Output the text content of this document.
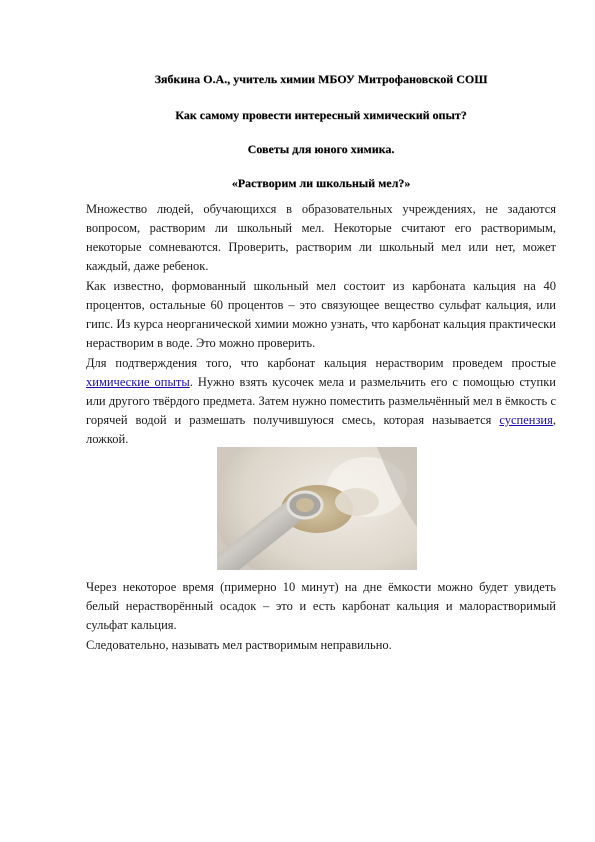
Зябкина О.А., учитель химии МБОУ Митрофановской СОШ
Как самому провести интересный химический опыт?
Советы для юного химика.
«Растворим ли школьный мел?»

Множество людей, обучающихся в образовательных учреждениях, не задаются вопросом, растворим ли школьный мел. Некоторые считают его растворимым, некоторые сомневаются. Проверить, растворим ли школьный мел или нет, может каждый, даже ребенок.

Как известно, формованный школьный мел состоит из карбоната кальция на 40 процентов, остальные 60 процентов – это связующее вещество сульфат кальция, или гипс. Из курса неорганической химии можно узнать, что карбонат кальция практически нерастворим в воде. Это можно проверить.

Для подтверждения того, что карбонат кальция нерастворим проведем простые химические опыты. Нужно взять кусочек мела и размельчить его с помощью ступки или другого твёрдого предмета. Затем нужно поместить размельчённый мел в ёмкость с горячей водой и размешать получившуюся смесь, которая называется суспензия, ложкой.

Через некоторое время (примерно 10 минут) на дне ёмкости можно будет увидеть белый нерастворённый осадок – это и есть карбонат кальция и малорастворимый сульфат кальция.

Следовательно, называть мел растворимым неправильно.
